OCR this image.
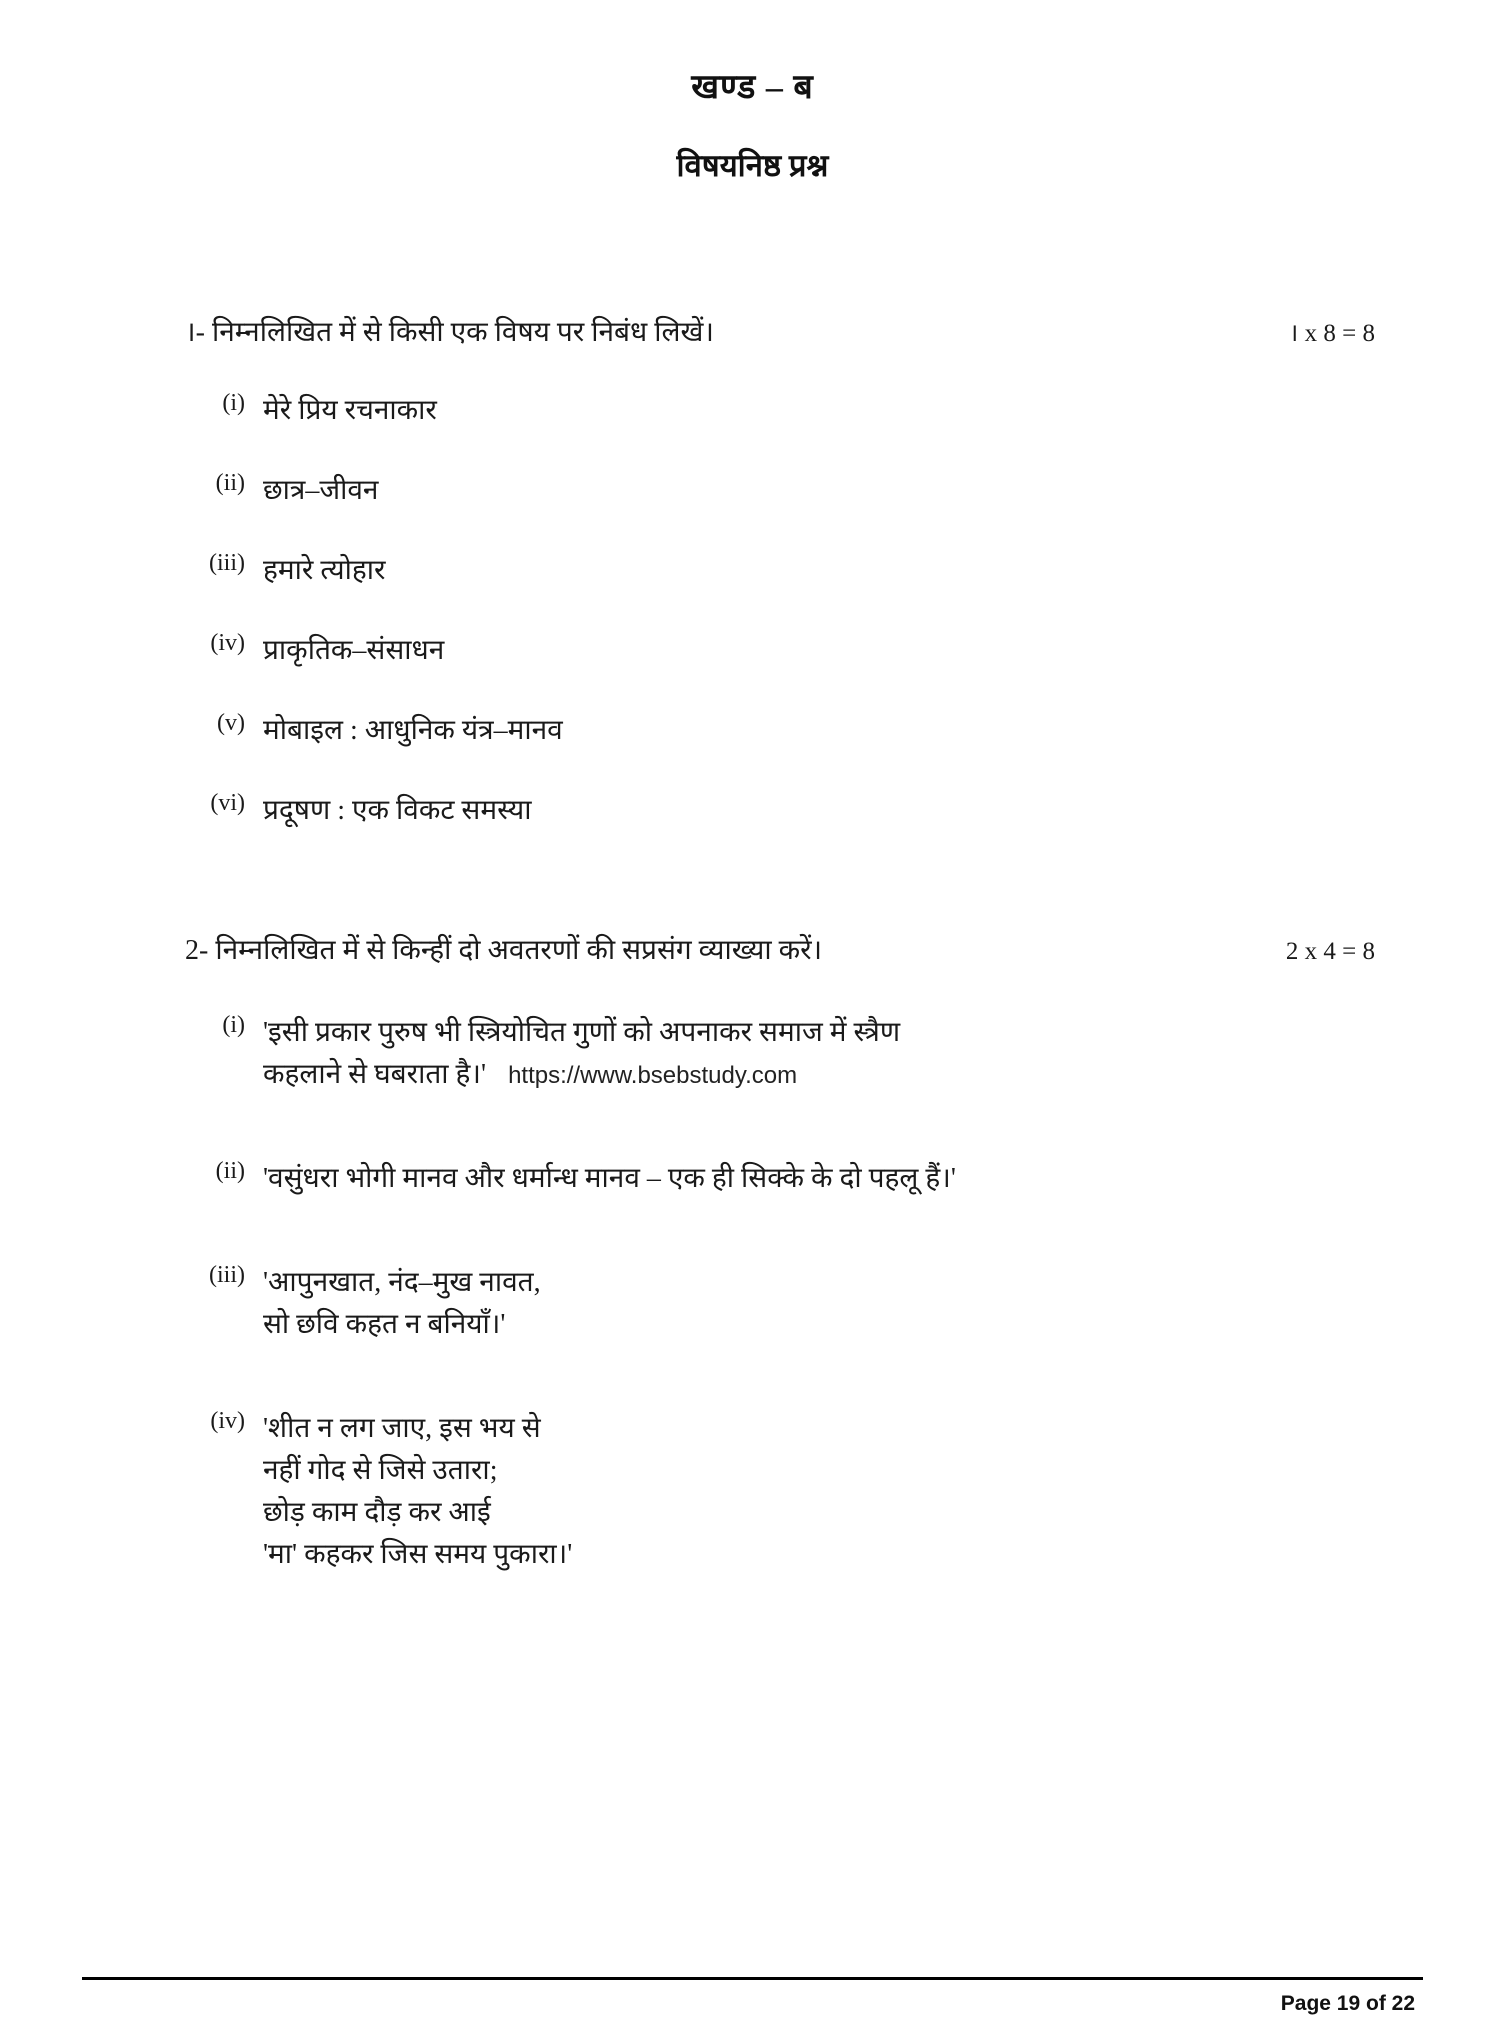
खण्ड – ब
विषयनिष्ठ प्रश्न
।- निम्नलिखित में से किसी एक विषय पर निबंध लिखें।	। x 8 = 8
(i) मेरे प्रिय रचनाकार
(ii) छात्र–जीवन
(iii) हमारे त्योहार
(iv) प्राकृतिक–संसाधन
(v) मोबाइल : आधुनिक यंत्र–मानव
(vi) प्रदूषण : एक विकट समस्या
2- निम्नलिखित में से किन्हीं दो अवतरणों की सप्रसंग व्याख्या करें।	2 x 4 = 8
(i) 'इसी प्रकार पुरुष भी स्त्रियोचित गुणों को अपनाकर समाज में स्त्रैण
कहलाने से घबराता है।' https://www.bsebstudy.com
(ii) 'वसुंधरा भोगी मानव और धर्मान्ध मानव – एक ही सिक्के के दो पहलू हैं।'
(iii) 'आपुनखात, नंद–मुख नावत,
सो छवि कहत न बनियाँ।'
(iv) 'शीत न लग जाए, इस भय से
नहीं गोद से जिसे उतारा;
छोड़ काम दौड़ कर आई
'मा' कहकर जिस समय पुकारा।'
Page 19 of 22
